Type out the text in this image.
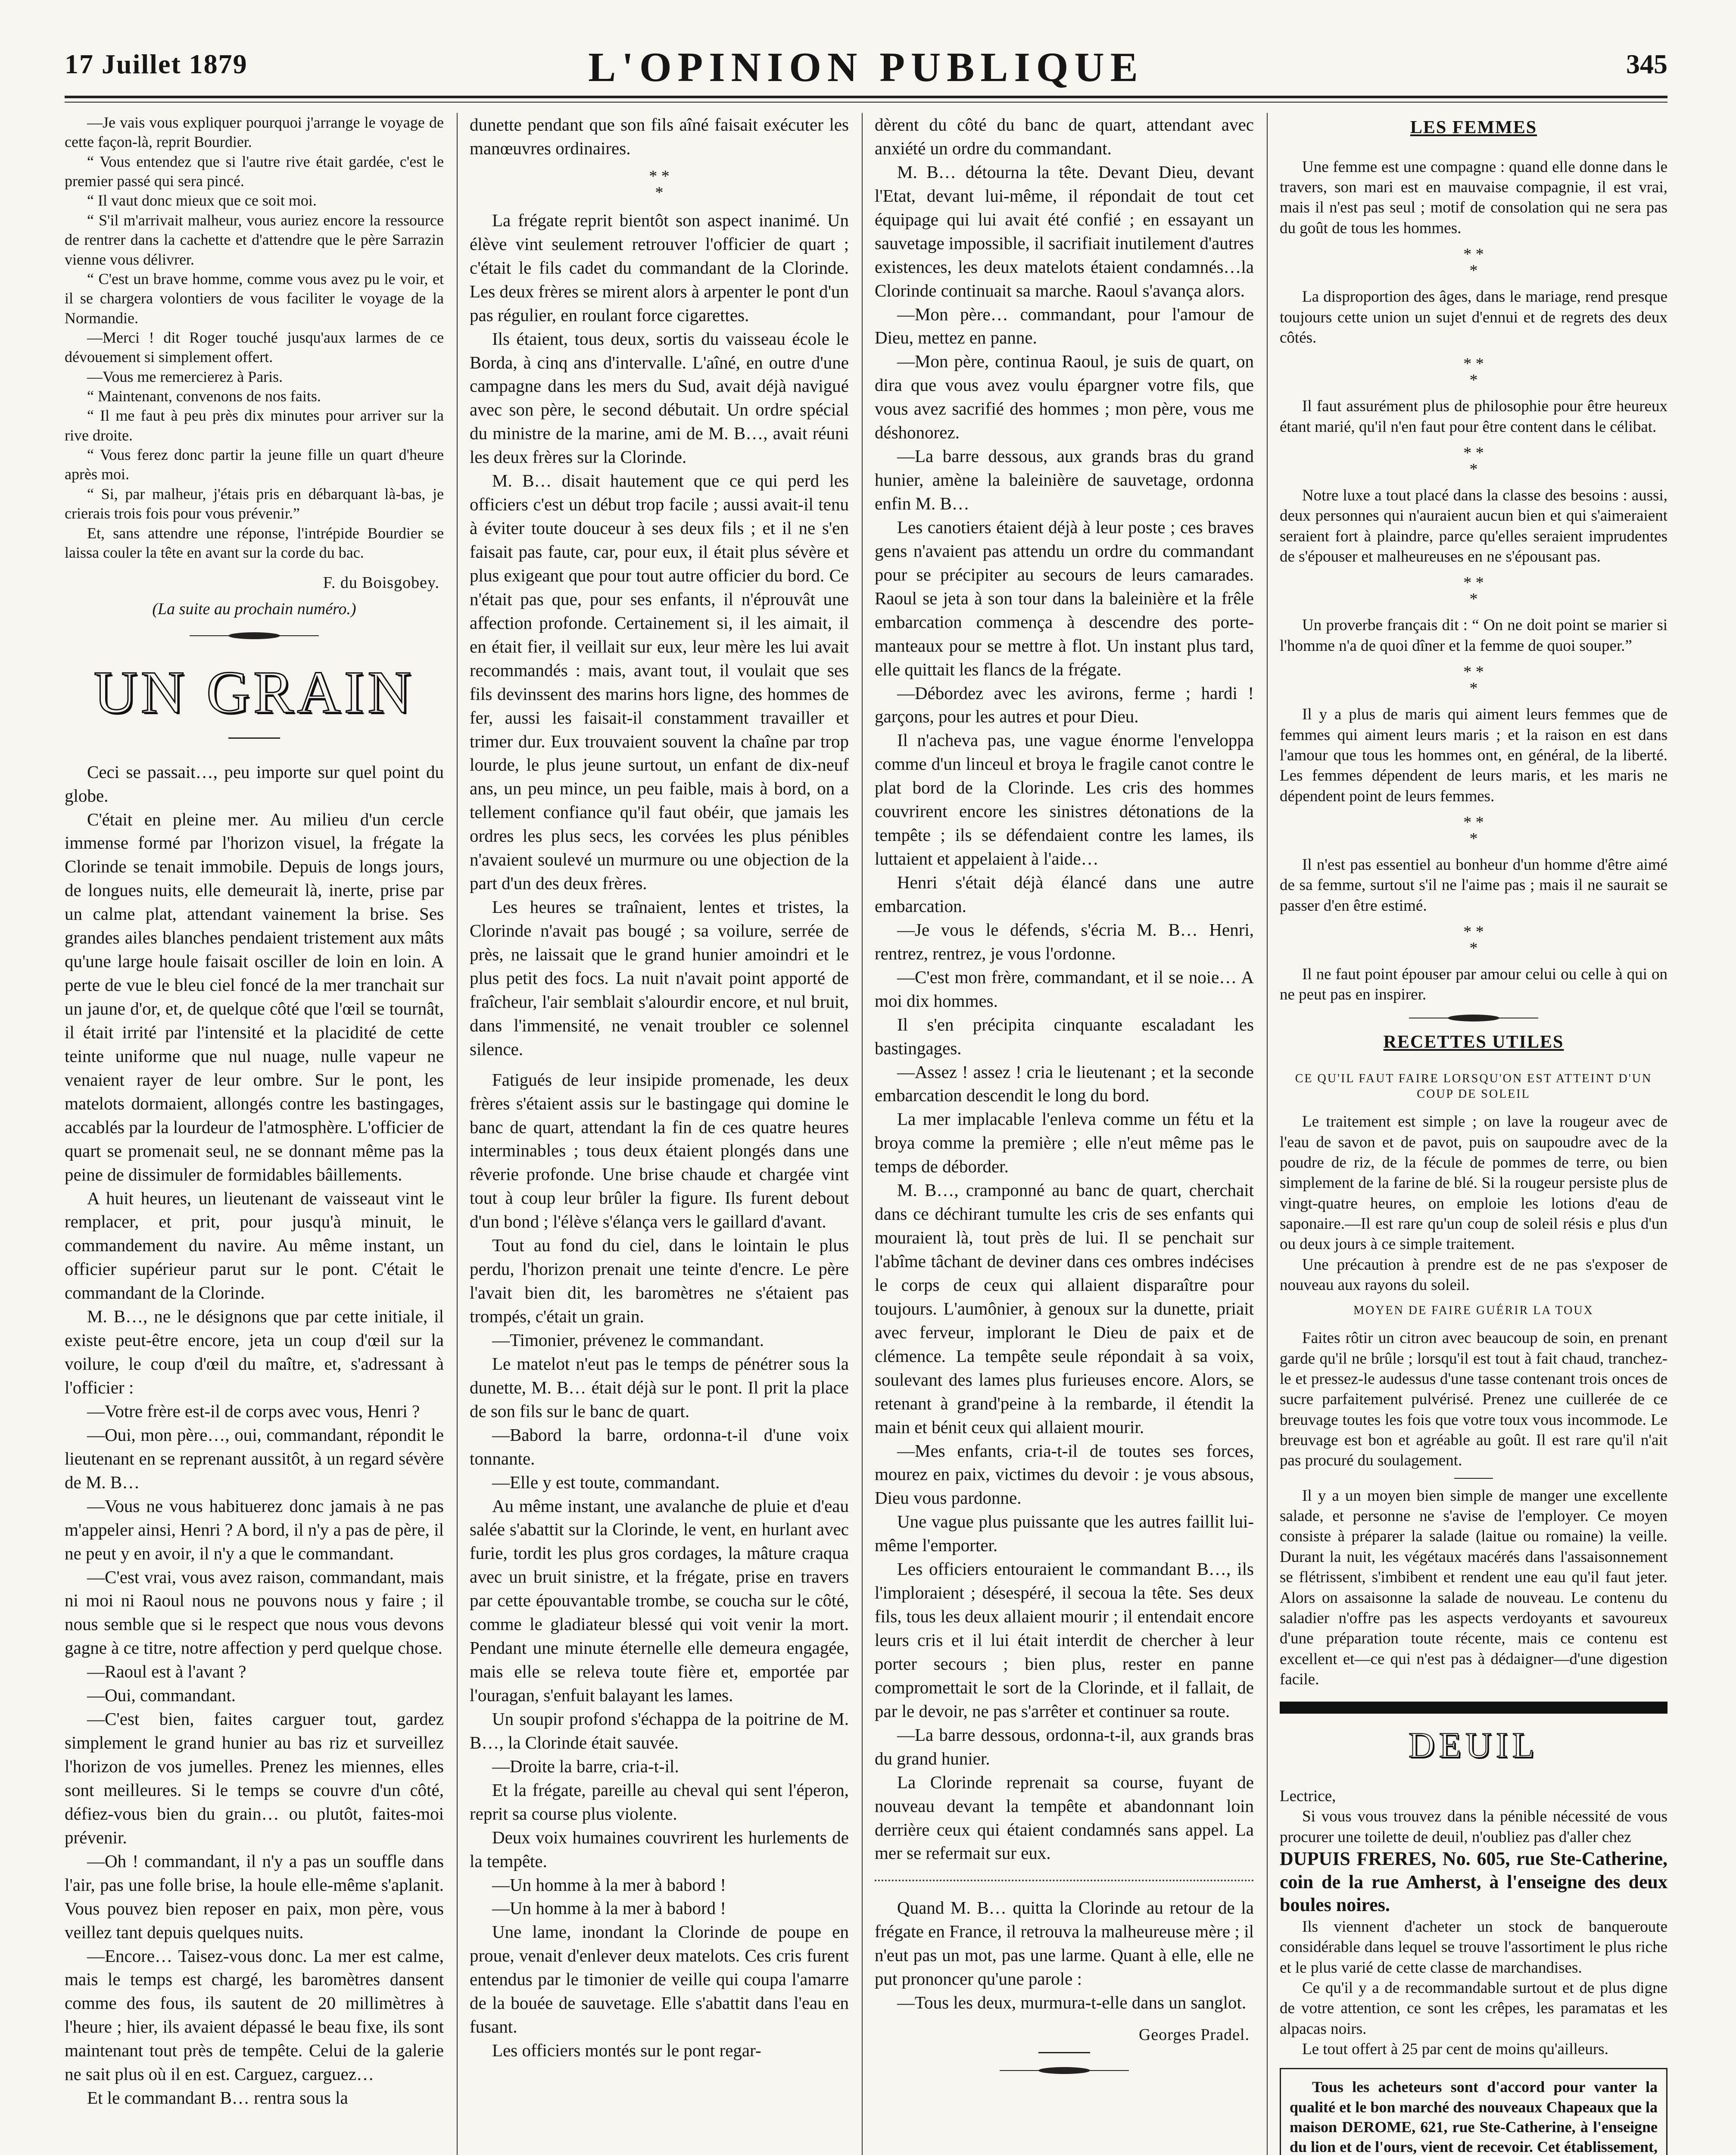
17 Juillet 1879	L'OPINION PUBLIQUE	345

—Je vais vous expliquer pourquoi j'arrange le voyage de cette façon-là, reprit Bourdier.

“ Vous entendez que si l'autre rive était gardée, c'est le premier passé qui sera pincé.

“ Il vaut donc mieux que ce soit moi.

“ S'il m'arrivait malheur, vous auriez encore la ressource de rentrer dans la cachette et d'attendre que le père Sarrazin vienne vous délivrer.

“ C'est un brave homme, comme vous avez pu le voir, et il se chargera volontiers de vous faciliter le voyage de la Normandie.

—Merci ! dit Roger touché jusqu'aux larmes de ce dévouement si simplement offert.

—Vous me remercierez à Paris.

“ Maintenant, convenons de nos faits.

“ Il me faut à peu près dix minutes pour arriver sur la rive droite.

“ Vous ferez donc partir la jeune fille un quart d'heure après moi.

“ Si, par malheur, j'étais pris en débarquant là-bas, je crierais trois fois pour vous prévenir.”

Et, sans attendre une réponse, l'intrépide Bourdier se laissa couler la tête en avant sur la corde du bac.

F. du Boisgobey.
(La suite au prochain numéro.)
UN GRAIN

Ceci se passait…, peu importe sur quel point du globe.

C'était en pleine mer. Au milieu d'un cercle immense formé par l'horizon visuel, la frégate la Clorinde se tenait immobile. Depuis de longs jours, de longues nuits, elle demeurait là, inerte, prise par un calme plat, attendant vainement la brise. Ses grandes ailes blanches pendaient tristement aux mâts qu'une large houle faisait osciller de loin en loin. A perte de vue le bleu ciel foncé de la mer tranchait sur un jaune d'or, et, de quelque côté que l'œil se tournât, il était irrité par l'intensité et la placidité de cette teinte uniforme que nul nuage, nulle vapeur ne venaient rayer de leur ombre. Sur le pont, les matelots dormaient, allongés contre les bastingages, accablés par la lourdeur de l'atmosphère. L'officier de quart se promenait seul, ne se donnant même pas la peine de dissimuler de formidables bâillements.

A huit heures, un lieutenant de vaisseaut vint le remplacer, et prit, pour jusqu'à minuit, le commandement du navire. Au même instant, un officier supérieur parut sur le pont. C'était le commandant de la Clorinde.

M. B…, ne le désignons que par cette initiale, il existe peut-être encore, jeta un coup d'œil sur la voilure, le coup d'œil du maître, et, s'adressant à l'officier :

—Votre frère est-il de corps avec vous, Henri ?

—Oui, mon père…, oui, commandant, répondit le lieutenant en se reprenant aussitôt, à un regard sévère de M. B…

—Vous ne vous habituerez donc jamais à ne pas m'appeler ainsi, Henri ? A bord, il n'y a pas de père, il ne peut y en avoir, il n'y a que le commandant.

—C'est vrai, vous avez raison, commandant, mais ni moi ni Raoul nous ne pouvons nous y faire ; il nous semble que si le respect que nous vous devons gagne à ce titre, notre affection y perd quelque chose.

—Raoul est à l'avant ?

—Oui, commandant.

—C'est bien, faites carguer tout, gardez simplement le grand hunier au bas riz et surveillez l'horizon de vos jumelles. Prenez les miennes, elles sont meilleures. Si le temps se couvre d'un côté, défiez-vous bien du grain… ou plutôt, faites-moi prévenir.

—Oh ! commandant, il n'y a pas un souffle dans l'air, pas une folle brise, la houle elle-même s'aplanit. Vous pouvez bien reposer en paix, mon père, vous veillez tant depuis quelques nuits.

—Encore… Taisez-vous donc. La mer est calme, mais le temps est chargé, les baromètres dansent comme des fous, ils sautent de 20 millimètres à l'heure ; hier, ils avaient dépassé le beau fixe, ils sont maintenant tout près de tempête. Celui de la galerie ne sait plus où il en est. Carguez, carguez…

Et le commandant B… rentra sous la

dunette pendant que son fils aîné faisait exécuter les manœuvres ordinaires.

* *
*

La frégate reprit bientôt son aspect inanimé. Un élève vint seulement retrouver l'officier de quart ; c'était le fils cadet du commandant de la Clorinde. Les deux frères se mirent alors à arpenter le pont d'un pas régulier, en roulant force cigarettes.

Ils étaient, tous deux, sortis du vaisseau école le Borda, à cinq ans d'intervalle. L'aîné, en outre d'une campagne dans les mers du Sud, avait déjà navigué avec son père, le second débutait. Un ordre spécial du ministre de la marine, ami de M. B…, avait réuni les deux frères sur la Clorinde.

M. B… disait hautement que ce qui perd les officiers c'est un début trop facile ; aussi avait-il tenu à éviter toute douceur à ses deux fils ; et il ne s'en faisait pas faute, car, pour eux, il était plus sévère et plus exigeant que pour tout autre officier du bord. Ce n'était pas que, pour ses enfants, il n'éprouvât une affection profonde. Certainement si, il les aimait, il en était fier, il veillait sur eux, leur mère les lui avait recommandés : mais, avant tout, il voulait que ses fils devinssent des marins hors ligne, des hommes de fer, aussi les faisait-il constamment travailler et trimer dur. Eux trouvaient souvent la chaîne par trop lourde, le plus jeune surtout, un enfant de dix-neuf ans, un peu mince, un peu faible, mais à bord, on a tellement confiance qu'il faut obéir, que jamais les ordres les plus secs, les corvées les plus pénibles n'avaient soulevé un murmure ou une objection de la part d'un des deux frères.

Les heures se traînaient, lentes et tristes, la Clorinde n'avait pas bougé ; sa voilure, serrée de près, ne laissait que le grand hunier amoindri et le plus petit des focs. La nuit n'avait point apporté de fraîcheur, l'air semblait s'alourdir encore, et nul bruit, dans l'immensité, ne venait troubler ce solennel silence.

Fatigués de leur insipide promenade, les deux frères s'étaient assis sur le bastingage qui domine le banc de quart, attendant la fin de ces quatre heures interminables ; tous deux étaient plongés dans une rêverie profonde. Une brise chaude et chargée vint tout à coup leur brûler la figure. Ils furent debout d'un bond ; l'élève s'élança vers le gaillard d'avant.

Tout au fond du ciel, dans le lointain le plus perdu, l'horizon prenait une teinte d'encre. Le père l'avait bien dit, les baromètres ne s'étaient pas trompés, c'était un grain.

—Timonier, prévenez le commandant.

Le matelot n'eut pas le temps de pénétrer sous la dunette, M. B… était déjà sur le pont. Il prit la place de son fils sur le banc de quart.

—Babord la barre, ordonna-t-il d'une voix tonnante.

—Elle y est toute, commandant.

Au même instant, une avalanche de pluie et d'eau salée s'abattit sur la Clorinde, le vent, en hurlant avec furie, tordit les plus gros cordages, la mâture craqua avec un bruit sinistre, et la frégate, prise en travers par cette épouvantable trombe, se coucha sur le côté, comme le gladiateur blessé qui voit venir la mort. Pendant une minute éternelle elle demeura engagée, mais elle se releva toute fière et, emportée par l'ouragan, s'enfuit balayant les lames.

Un soupir profond s'échappa de la poitrine de M. B…, la Clorinde était sauvée.

—Droite la barre, cria-t-il.

Et la frégate, pareille au cheval qui sent l'éperon, reprit sa course plus violente.

Deux voix humaines couvrirent les hurlements de la tempête.

—Un homme à la mer à babord !

—Un homme à la mer à babord !

Une lame, inondant la Clorinde de poupe en proue, venait d'enlever deux matelots. Ces cris furent entendus par le timonier de veille qui coupa l'amarre de la bouée de sauvetage. Elle s'abattit dans l'eau en fusant.

Les officiers montés sur le pont regar-

dèrent du côté du banc de quart, attendant avec anxiété un ordre du commandant.

M. B… détourna la tête. Devant Dieu, devant l'Etat, devant lui-même, il répondait de tout cet équipage qui lui avait été confié ; en essayant un sauvetage impossible, il sacrifiait inutilement d'autres existences, les deux matelots étaient condamnés…la Clorinde continuait sa marche. Raoul s'avança alors.

—Mon père… commandant, pour l'amour de Dieu, mettez en panne.

—Mon père, continua Raoul, je suis de quart, on dira que vous avez voulu épargner votre fils, que vous avez sacrifié des hommes ; mon père, vous me déshonorez.

—La barre dessous, aux grands bras du grand hunier, amène la baleinière de sauvetage, ordonna enfin M. B…

Les canotiers étaient déjà à leur poste ; ces braves gens n'avaient pas attendu un ordre du commandant pour se précipiter au secours de leurs camarades. Raoul se jeta à son tour dans la baleinière et la frêle embarcation commença à descendre des porte-manteaux pour se mettre à flot. Un instant plus tard, elle quittait les flancs de la frégate.

—Débordez avec les avirons, ferme ; hardi ! garçons, pour les autres et pour Dieu.

Il n'acheva pas, une vague énorme l'enveloppa comme d'un linceul et broya le fragile canot contre le plat bord de la Clorinde. Les cris des hommes couvrirent encore les sinistres détonations de la tempête ; ils se défendaient contre les lames, ils luttaient et appelaient à l'aide…

Henri s'était déjà élancé dans une autre embarcation.

—Je vous le défends, s'écria M. B… Henri, rentrez, rentrez, je vous l'ordonne.

—C'est mon frère, commandant, et il se noie… A moi dix hommes.

Il s'en précipita cinquante escaladant les bastingages.

—Assez ! assez ! cria le lieutenant ; et la seconde embarcation descendit le long du bord.

La mer implacable l'enleva comme un fétu et la broya comme la première ; elle n'eut même pas le temps de déborder.

M. B…, cramponné au banc de quart, cherchait dans ce déchirant tumulte les cris de ses enfants qui mouraient là, tout près de lui. Il se penchait sur l'abîme tâchant de deviner dans ces ombres indécises le corps de ceux qui allaient disparaître pour toujours. L'aumônier, à genoux sur la dunette, priait avec ferveur, implorant le Dieu de paix et de clémence. La tempête seule répondait à sa voix, soulevant des lames plus furieuses encore. Alors, se retenant à grand'peine à la rembarde, il étendit la main et bénit ceux qui allaient mourir.

—Mes enfants, cria-t-il de toutes ses forces, mourez en paix, victimes du devoir : je vous absous, Dieu vous pardonne.

Une vague plus puissante que les autres faillit lui-même l'emporter.

Les officiers entouraient le commandant B…, ils l'imploraient ; désespéré, il secoua la tête. Ses deux fils, tous les deux allaient mourir ; il entendait encore leurs cris et il lui était interdit de chercher à leur porter secours ; bien plus, rester en panne compromettait le sort de la Clorinde, et il fallait, de par le devoir, ne pas s'arrêter et continuer sa route.

—La barre dessous, ordonna-t-il, aux grands bras du grand hunier.

La Clorinde reprenait sa course, fuyant de nouveau devant la tempête et abandonnant loin derrière ceux qui étaient condamnés sans appel. La mer se refermait sur eux.

Quand M. B… quitta la Clorinde au retour de la frégate en France, il retrouva la malheureuse mère ; il n'eut pas un mot, pas une larme. Quant à elle, elle ne put prononcer qu'une parole :

—Tous les deux, murmura-t-elle dans un sanglot.

Georges Pradel.
LES FEMMES

Une femme est une compagne : quand elle donne dans le travers, son mari est en mauvaise compagnie, il est vrai, mais il n'est pas seul ; motif de consolation qui ne sera pas du goût de tous les hommes.

* *
*

La disproportion des âges, dans le mariage, rend presque toujours cette union un sujet d'ennui et de regrets des deux côtés.

* *
*

Il faut assurément plus de philosophie pour être heureux étant marié, qu'il n'en faut pour être content dans le célibat.

* *
*

Notre luxe a tout placé dans la classe des besoins : aussi, deux personnes qui n'auraient aucun bien et qui s'aimeraient seraient fort à plaindre, parce qu'elles seraient imprudentes de s'épouser et malheureuses en ne s'épousant pas.

* *
*

Un proverbe français dit : “ On ne doit point se marier si l'homme n'a de quoi dîner et la femme de quoi souper.”

* *
*

Il y a plus de maris qui aiment leurs femmes que de femmes qui aiment leurs maris ; et la raison en est dans l'amour que tous les hommes ont, en général, de la liberté. Les femmes dépendent de leurs maris, et les maris ne dépendent point de leurs femmes.

* *
*

Il n'est pas essentiel au bonheur d'un homme d'être aimé de sa femme, surtout s'il ne l'aime pas ; mais il ne saurait se passer d'en être estimé.

* *
*

Il ne faut point épouser par amour celui ou celle à qui on ne peut pas en inspirer.

RECETTES UTILES
CE QU'IL FAUT FAIRE LORSQU'ON EST ATTEINT D'UN COUP DE SOLEIL

Le traitement est simple ; on lave la rougeur avec de l'eau de savon et de pavot, puis on saupoudre avec de la poudre de riz, de la fécule de pommes de terre, ou bien simplement de la farine de blé. Si la rougeur persiste plus de vingt-quatre heures, on emploie les lotions d'eau de saponaire.—Il est rare qu'un coup de soleil résis e plus d'un ou deux jours à ce simple traitement.

Une précaution à prendre est de ne pas s'exposer de nouveau aux rayons du soleil.

MOYEN DE FAIRE GUÉRIR LA TOUX

Faites rôtir un citron avec beaucoup de soin, en prenant garde qu'il ne brûle ; lorsqu'il est tout à fait chaud, tranchez-le et pressez-le audessus d'une tasse contenant trois onces de sucre parfaitement pulvérisé. Prenez une cuillerée de ce breuvage toutes les fois que votre toux vous incommode. Le breuvage est bon et agréable au goût. Il est rare qu'il n'ait pas procuré du soulagement.

Il y a un moyen bien simple de manger une excellente salade, et personne ne s'avise de l'employer. Ce moyen consiste à préparer la salade (laitue ou romaine) la veille. Durant la nuit, les végétaux macérés dans l'assaisonnement se flétrissent, s'imbibent et rendent une eau qu'il faut jeter. Alors on assaisonne la salade de nouveau. Le contenu du saladier n'offre pas les aspects verdoyants et savoureux d'une préparation toute récente, mais ce contenu est excellent et—ce qui n'est pas à dédaigner—d'une digestion facile.

DEUIL

Lectrice,

Si vous vous trouvez dans la pénible nécessité de vous procurer une toilette de deuil, n'oubliez pas d'aller chez

DUPUIS FRERES, No. 605, rue Ste-Catherine, coin de la rue Amherst, à l'enseigne des deux boules noires.

Ils viennent d'acheter un stock de banqueroute considérable dans lequel se trouve l'assortiment le plus riche et le plus varié de cette classe de marchandises.

Ce qu'il y a de recommandable surtout et de plus digne de votre attention, ce sont les crêpes, les paramatas et les alpacas noirs.

Le tout offert à 25 par cent de moins qu'ailleurs.

Tous les acheteurs sont d'accord pour vanter la qualité et le bon marché des nouveaux Chapeaux que la maison DEROME, 621, rue Ste-Catherine, à l'enseigne du lion et de l'ours, vient de recevoir. Cet établissement,
